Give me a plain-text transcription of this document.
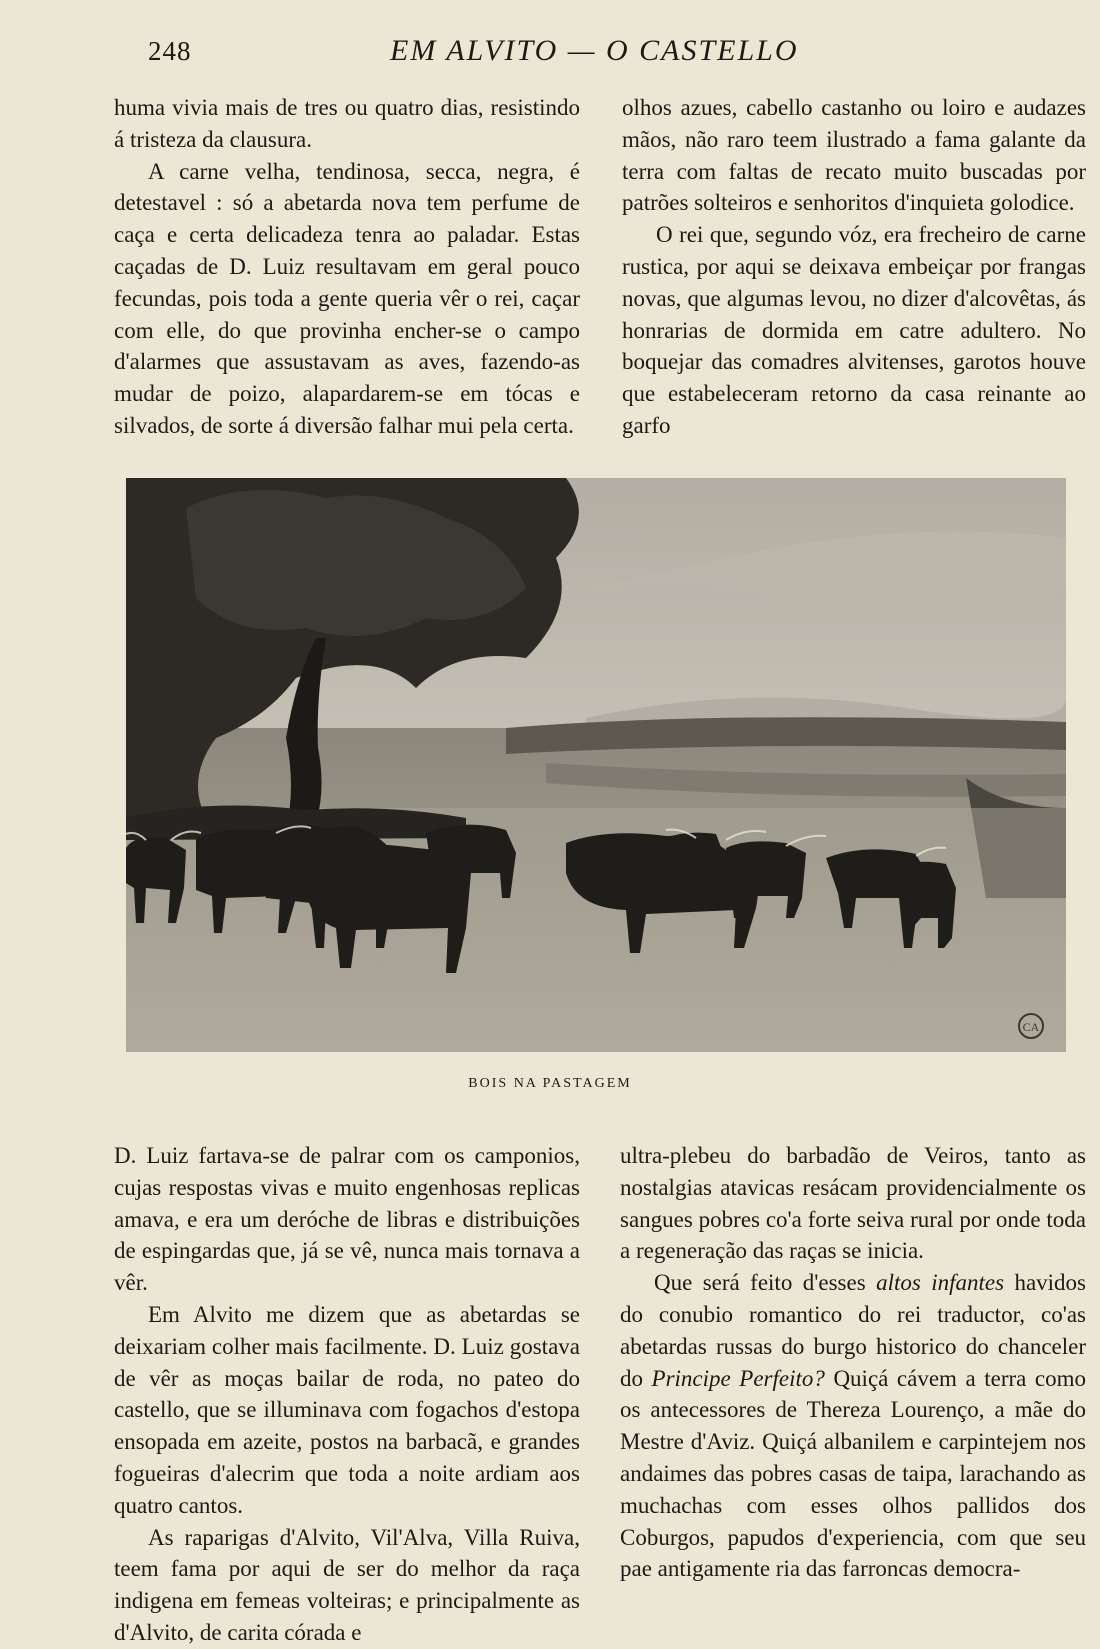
248	EM ALVITO — O CASTELLO

huma vivia mais de tres ou quatro dias, resistindo á tristeza da clausura.

A carne velha, tendinosa, secca, negra, é detestavel : só a abetarda nova tem perfume de caça e certa delicadeza tenra ao paladar. Estas caçadas de D. Luiz resultavam em geral pouco fecundas, pois toda a gente queria vêr o rei, caçar com elle, do que provinha encher-se o campo d'alarmes que assustavam as aves, fazendo-as mudar de poizo, alapardarem-se em tócas e silvados, de sorte á diversão falhar mui pela certa.

olhos azues, cabello castanho ou loiro e audazes mãos, não raro teem ilustrado a fama galante da terra com faltas de recato muito buscadas por patrões solteiros e senhoritos d'inquieta golodice.

O rei que, segundo vóz, era frecheiro de carne rustica, por aqui se deixava embeiçar por frangas novas, que algumas levou, no dizer d'alcovêtas, ás honrarias de dormida em catre adultero. No boquejar das comadres alvitenses, garotos houve que estabeleceram retorno da casa reinante ao garfo

CA
BOIS NA PASTAGEM

D. Luiz fartava-se de palrar com os camponios, cujas respostas vivas e muito engenhosas replicas amava, e era um deróche de libras e distribuições de espingardas que, já se vê, nunca mais tornava a vêr.

Em Alvito me dizem que as abetardas se deixariam colher mais facilmente. D. Luiz gostava de vêr as moças bailar de roda, no pateo do castello, que se illuminava com fogachos d'estopa ensopada em azeite, postos na barbacã, e grandes fogueiras d'alecrim que toda a noite ardiam aos quatro cantos.

As raparigas d'Alvito, Vil'Alva, Villa Ruiva, teem fama por aqui de ser do melhor da raça indigena em femeas volteiras; e principalmente as d'Alvito, de carita córada e

ultra-plebeu do barbadão de Veiros, tanto as nostalgias atavicas resácam providencialmente os sangues pobres co'a forte seiva rural por onde toda a regeneração das raças se inicia.

Que será feito d'esses altos infantes havidos do conubio romantico do rei traductor, co'as abetardas russas do burgo historico do chanceler do Principe Perfeito? Quiçá cávem a terra como os antecessores de Thereza Lourenço, a mãe do Mestre d'Aviz. Quiçá albanilem e carpintejem nos andaimes das pobres casas de taipa, larachando as muchachas com esses olhos pallidos dos Coburgos, papudos d'experiencia, com que seu pae antigamente ria das farroncas democra-
